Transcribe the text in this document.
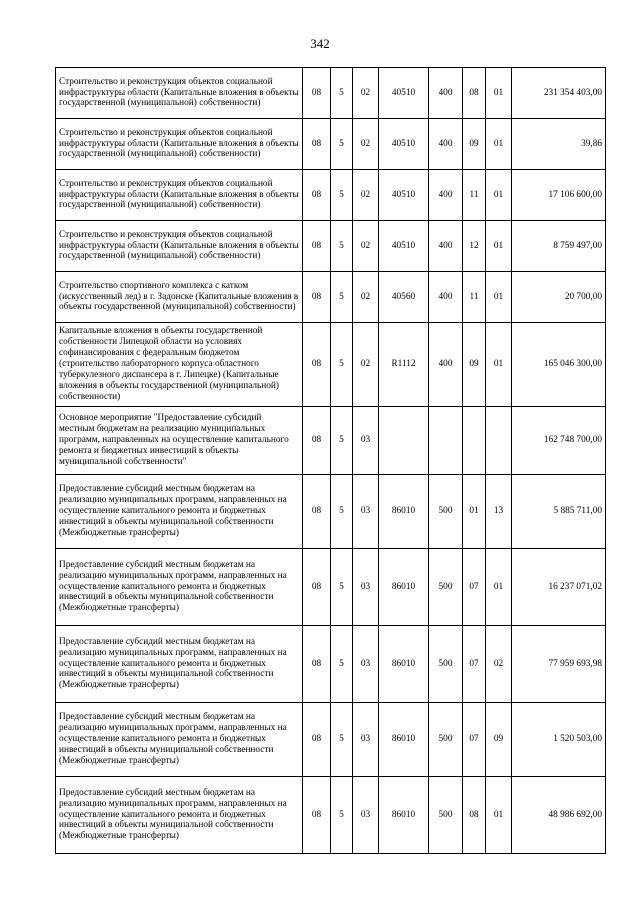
342
Строительство и реконструкция объектов социальной инфраструктуры области (Капитальные вложения в объекты государственной (муниципальной) собственности)	08	5	02	40510	400	08	01	231 354 403,00
Строительство и реконструкция объектов социальной инфраструктуры области (Капитальные вложения в объекты государственной (муниципальной) собственности)	08	5	02	40510	400	09	01	39,86
Строительство и реконструкция объектов социальной инфраструктуры области (Капитальные вложения в объекты государственной (муниципальной) собственности)	08	5	02	40510	400	11	01	17 106 600,00
Строительство и реконструкция объектов социальной инфраструктуры области (Капитальные вложения в объекты государственной (муниципальной) собственности)	08	5	02	40510	400	12	01	8 759 497,00
Строительство спортивного комплекса с катком (искусственный лед) в г. Задонске (Капитальные вложения в объекты государственной (муниципальной) собственности)	08	5	02	40560	400	11	01	20 700,00
Капитальные вложения в объекты государственной собственности Липецкой области на условиях софинансирования с федеральным бюджетом (строительство лабораторного корпуса областного туберкулезного диспансера в г. Липецке) (Капитальные вложения в объекты государственной (муниципальной) собственности)	08	5	02	R1112	400	09	01	165 046 300,00
Основное мероприятие "Предоставление субсидий местным бюджетам на реализацию муниципальных программ, направленных на осуществление капитального ремонта и бюджетных инвестиций в объекты муниципальной собственности"	08	5	03					162 748 700,00
Предоставление субсидий местным бюджетам на реализацию муниципальных программ, направленных на осуществление капитального ремонта и бюджетных инвестиций в объекты муниципальной собственности (Межбюджетные трансферты)	08	5	03	86010	500	01	13	5 885 711,00
Предоставление субсидий местным бюджетам на реализацию муниципальных программ, направленных на осуществление капитального ремонта и бюджетных инвестиций в объекты муниципальной собственности (Межбюджетные трансферты)	08	5	03	86010	500	07	01	16 237 071,02
Предоставление субсидий местным бюджетам на реализацию муниципальных программ, направленных на осуществление капитального ремонта и бюджетных инвестиций в объекты муниципальной собственности (Межбюджетные трансферты)	08	5	03	86010	500	07	02	77 959 693,98
Предоставление субсидий местным бюджетам на реализацию муниципальных программ, направленных на осуществление капитального ремонта и бюджетных инвестиций в объекты муниципальной собственности (Межбюджетные трансферты)	08	5	03	86010	500	07	09	1 520 503,00
Предоставление субсидий местным бюджетам на реализацию муниципальных программ, направленных на осуществление капитального ремонта и бюджетных инвестиций в объекты муниципальной собственности (Межбюджетные трансферты)	08	5	03	86010	500	08	01	48 986 692,00
